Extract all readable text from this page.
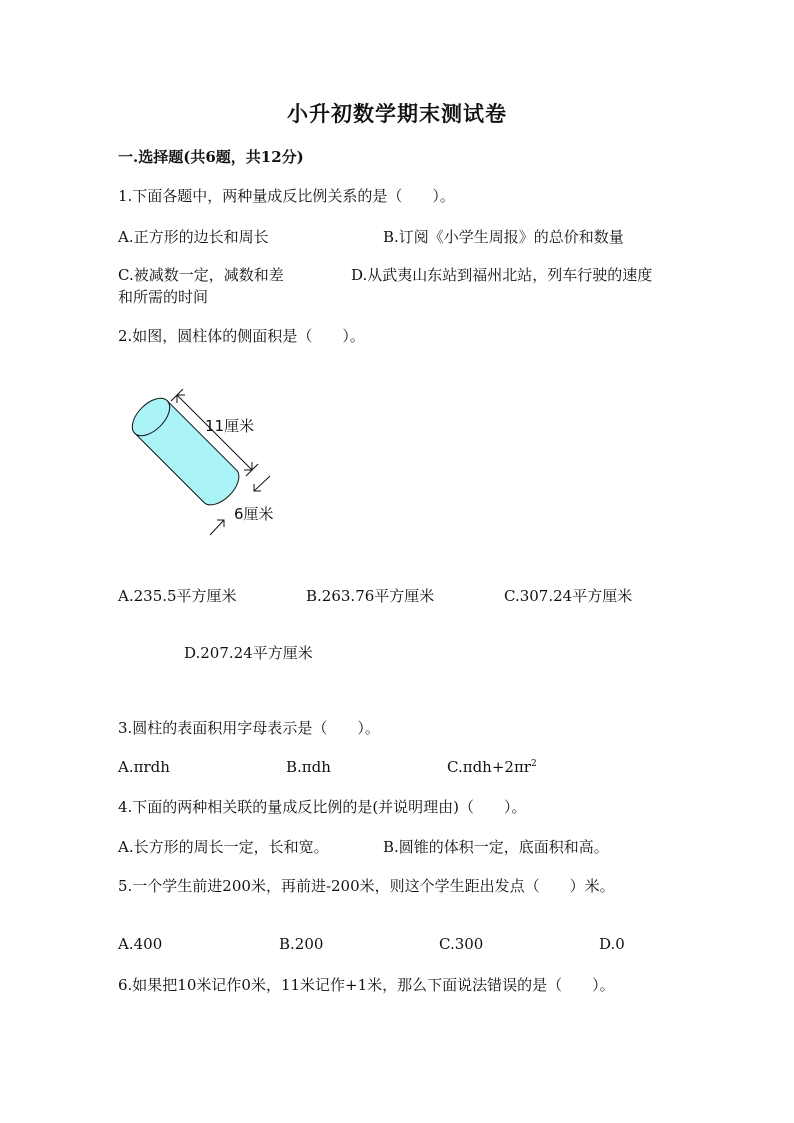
小升初数学期末测试卷
一.选择题(共6题，共12分)
1.下面各题中，两种量成反比例关系的是（　　）。
A.正方形的边长和周长	B.订阅《小学生周报》的总价和数量
C.被减数一定，减数和差	D.从武夷山东站到福州北站，列车行驶的速度
和所需的时间
2.如图，圆柱体的侧面积是（　　）。
11厘米
6厘米
A.235.5平方厘米	B.263.76平方厘米	C.307.24平方厘米
D.207.24平方厘米
3.圆柱的表面积用字母表示是（　　）。
A.πrdh	B.πdh	$C.\pi dh+2\pi r^2$
4.下面的两种相关联的量成反比例的是(并说明理由)（　　）。
A.长方形的周长一定，长和宽。	B.圆锥的体积一定，底面积和高。
5.一个学生前进200米，再前进-200米，则这个学生距出发点（　　）米。
A.400	B.200	C.300	D.0
6.如果把10米记作0米，11米记作+1米，那么下面说法错误的是（　　）。
